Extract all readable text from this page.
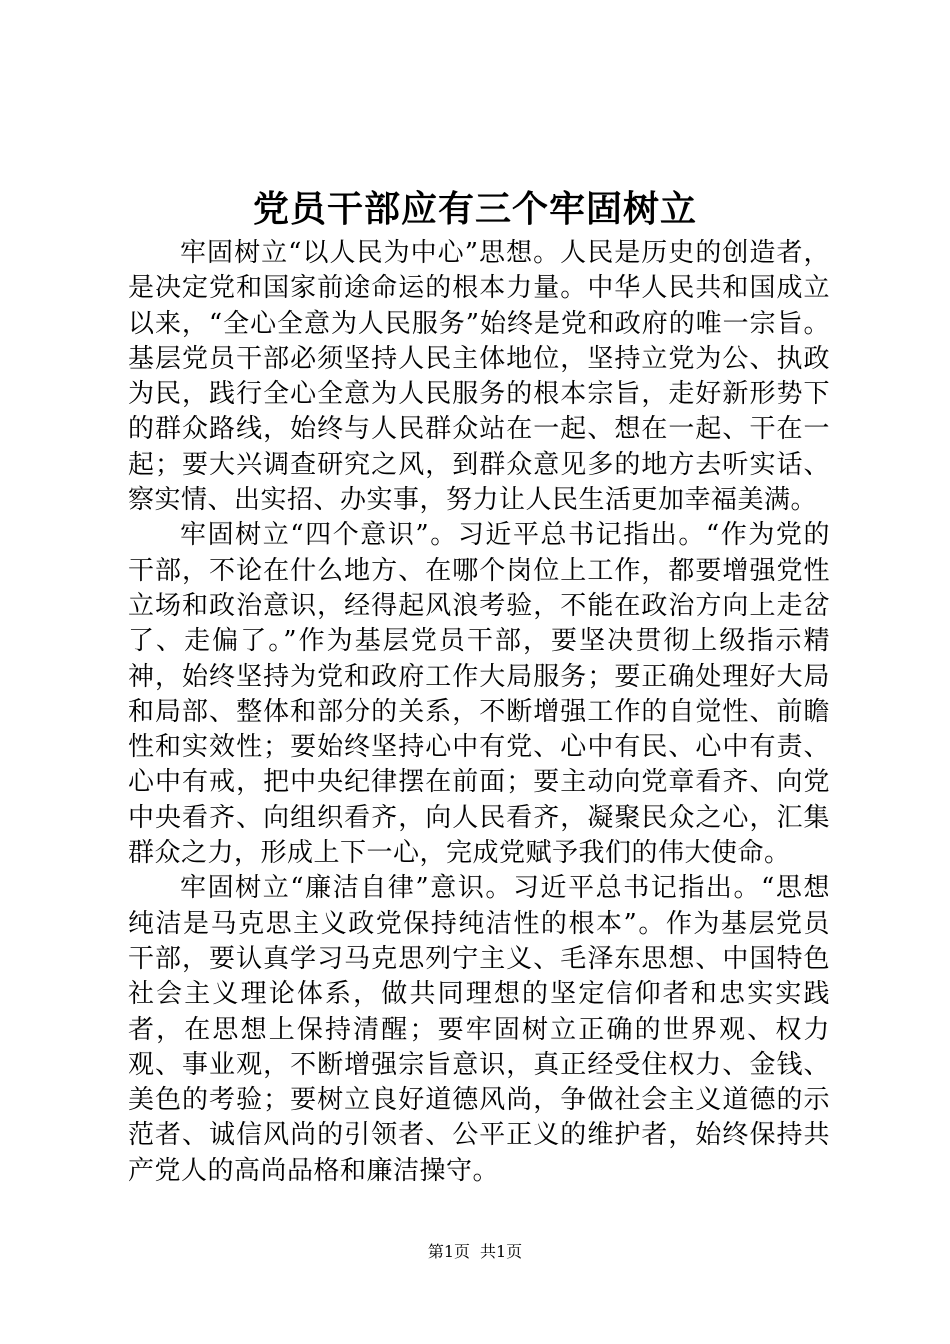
党员干部应有三个牢固树立

牢固树立“以人民为中心”思想。人民是历史的创造者，是决定党和国家前途命运的根本力量。中华人民共和国成立以来，“全心全意为人民服务”始终是党和政府的唯一宗旨。基层党员干部必须坚持人民主体地位，坚持立党为公、执政为民，践行全心全意为人民服务的根本宗旨，走好新形势下的群众路线，始终与人民群众站在一起、想在一起、干在一起；要大兴调查研究之风，到群众意见多的地方去听实话、察实情、出实招、办实事，努力让人民生活更加幸福美满。

牢固树立“四个意识”。习近平总书记指出。“作为党的干部，不论在什么地方、在哪个岗位上工作，都要增强党性立场和政治意识，经得起风浪考验，不能在政治方向上走岔了、走偏了。”作为基层党员干部，要坚决贯彻上级指示精神，始终坚持为党和政府工作大局服务；要正确处理好大局和局部、整体和部分的关系，不断增强工作的自觉性、前瞻性和实效性；要始终坚持心中有党、心中有民、心中有责、心中有戒，把中央纪律摆在前面；要主动向党章看齐、向党中央看齐、向组织看齐，向人民看齐，凝聚民众之心，汇集群众之力，形成上下一心，完成党赋予我们的伟大使命。

牢固树立“廉洁自律”意识。习近平总书记指出。“思想纯洁是马克思主义政党保持纯洁性的根本”。作为基层党员干部，要认真学习马克思列宁主义、毛泽东思想、中国特色社会主义理论体系，做共同理想的坚定信仰者和忠实实践者，在思想上保持清醒；要牢固树立正确的世界观、权力观、事业观，不断增强宗旨意识，真正经受住权力、金钱、美色的考验；要树立良好道德风尚，争做社会主义道德的示范者、诚信风尚的引领者、公平正义的维护者，始终保持共产党人的高尚品格和廉洁操守。

第1页 共1页
